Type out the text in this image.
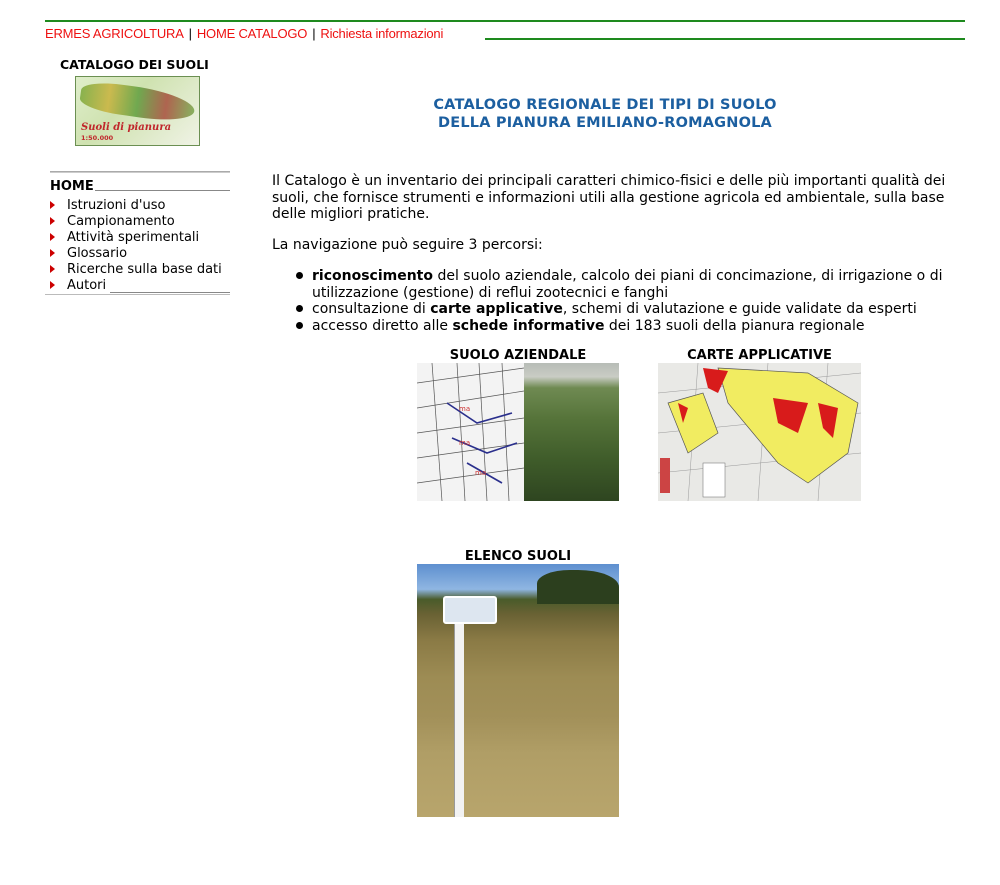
ERMES AGRICOLTURA | HOME CATALOGO | Richiesta informazioni
CATALOGO DEI SUOLI
Suoli di pianura
1:50.000
HOME
Istruzioni d'uso
Campionamento
Attività sperimentali
Glossario
Ricerche sulla base dati
Autori
CATALOGO REGIONALE DEI TIPI DI SUOLO
DELLA PIANURA EMILIANO-ROMAGNOLA
Il Catalogo è un inventario dei principali caratteri chimico-fisici e delle più importanti qualità dei suoli, che fornisce strumenti e informazioni utili alla gestione agricola ed ambientale, sulla base delle migliori pratiche.
La navigazione può seguire 3 percorsi:
riconoscimento del suolo aziendale, calcolo dei piani di concimazione, di irrigazione o di utilizzazione (gestione) di reflui zootecnici e fanghi
consultazione di carte applicative, schemi di valutazione e guide validate da esperti
accesso diretto alle schede informative dei 183 suoli della pianura regionale
SUOLO AZIENDALE
ma
ma
ma
CARTE APPLICATIVE
ELENCO SUOLI
